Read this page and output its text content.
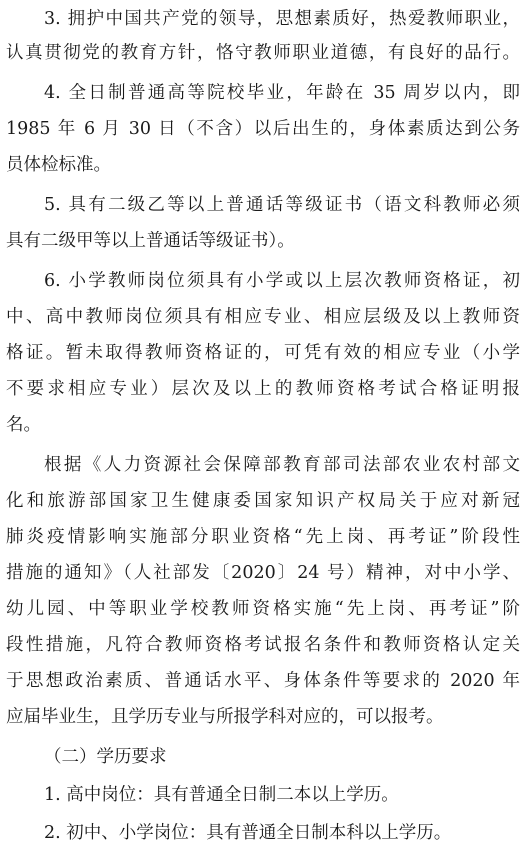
3. 拥护中国共产党的领导，思想素质好，热爱教师职业，
认真贯彻党的教育方针，恪守教师职业道德，有良好的品行。
4. 全日制普通高等院校毕业，年龄在 35 周岁以内，即
1985 年 6 月 30 日（不含）以后出生的，身体素质达到公务
员体检标准。
5. 具有二级乙等以上普通话等级证书（语文科教师必须
具有二级甲等以上普通话等级证书）。
6. 小学教师岗位须具有小学或以上层次教师资格证，初
中、高中教师岗位须具有相应专业、相应层级及以上教师资
格证。暂未取得教师资格证的，可凭有效的相应专业（小学
不要求相应专业）层次及以上的教师资格考试合格证明报
名。
根据《人力资源社会保障部教育部司法部农业农村部文
化和旅游部国家卫生健康委国家知识产权局关于应对新冠
肺炎疫情影响实施部分职业资格“先上岗、再考证”阶段性
措施的通知》（人社部发〔2020〕24 号）精神，对中小学、
幼儿园、中等职业学校教师资格实施“先上岗、再考证”阶
段性措施，凡符合教师资格考试报名条件和教师资格认定关
于思想政治素质、普通话水平、身体条件等要求的 2020 年
应届毕业生，且学历专业与所报学科对应的，可以报考。
（二）学历要求
1. 高中岗位：具有普通全日制二本以上学历。
2. 初中、小学岗位：具有普通全日制本科以上学历。
